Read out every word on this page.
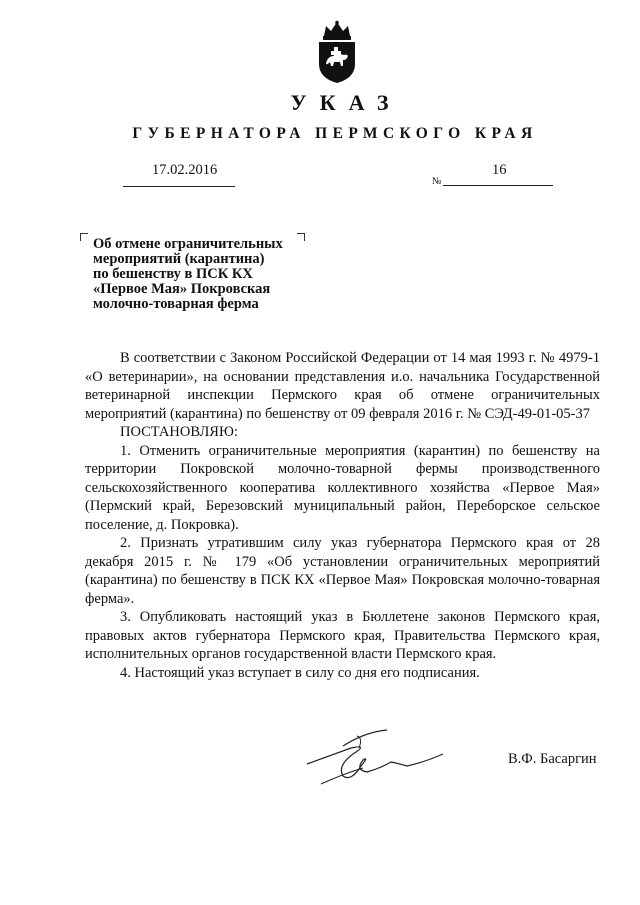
УКАЗ
ГУБЕРНАТОРА ПЕРМСКОГО КРАЯ
17.02.2016
№
16
Об отмене ограничительных
мероприятий (карантина)
по бешенству в ПСК КХ
«Первое Мая» Покровская
молочно-товарная ферма

В соответствии с Законом Российской Федерации от 14 мая 1993 г. № 4979-1 «О ветеринарии», на основании представления и.о. начальника Государственной ветеринарной инспекции Пермского края об отмене ограничительных мероприятий (карантина) по бешенству от 09 февраля 2016 г. № СЭД-49-01-05-37

ПОСТАНОВЛЯЮ:

1. Отменить ограничительные мероприятия (карантин) по бешенству на территории Покровской молочно-товарной фермы производственного сельскохозяйственного кооператива коллективного хозяйства «Первое Мая» (Пермский край, Березовский муниципальный район, Переборское сельское поселение, д. Покровка).

2. Признать утратившим силу указ губернатора Пермского края от 28 декабря 2015 г. № 179 «Об установлении ограничительных мероприятий (карантина) по бешенству в ПСК КХ «Первое Мая» Покровская молочно-товарная ферма».

3. Опубликовать настоящий указ в Бюллетене законов Пермского края, правовых актов губернатора Пермского края, Правительства Пермского края, исполнительных органов государственной власти Пермского края.

4. Настоящий указ вступает в силу со дня его подписания.

В.Ф. Басаргин
